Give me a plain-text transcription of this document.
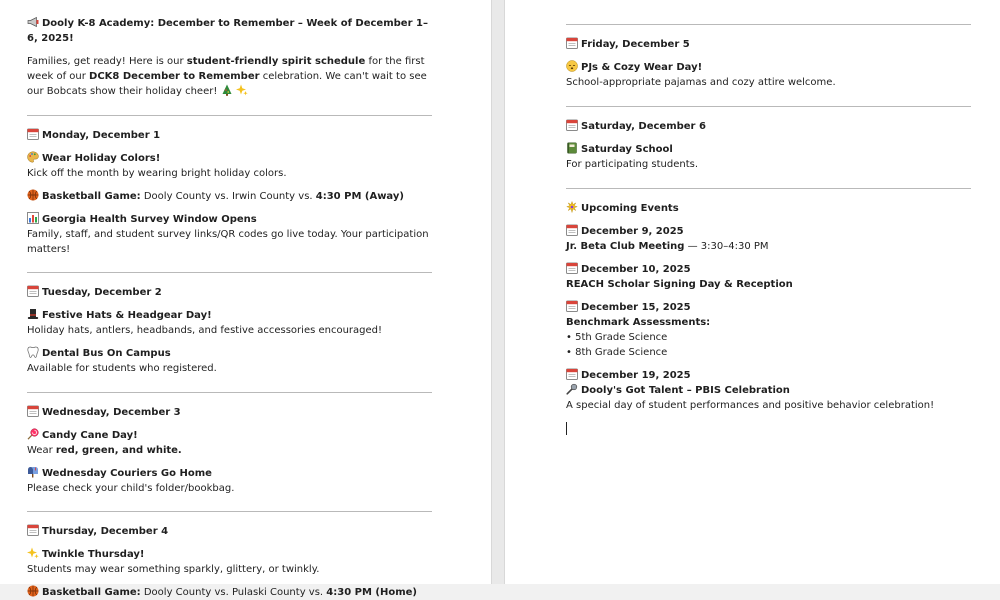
Dooly K-8 Academy: December to Remember – Week of December 1–6, 2025!

Families, get ready! Here is our student-friendly spirit schedule for the first week of our DCK8 December to Remember celebration. We can't wait to see our Bobcats show their holiday cheer!

Monday, December 1
Wear Holiday Colors!

Kick off the month by wearing bright holiday colors.

Basketball Game: Dooly County vs. Irwin County vs. 4:30 PM (Away)
Georgia Health Survey Window Opens

Family, staff, and student survey links/QR codes go live today. Your participation matters!

Tuesday, December 2
Festive Hats & Headgear Day!

Holiday hats, antlers, headbands, and festive accessories encouraged!

Dental Bus On Campus

Available for students who registered.

Wednesday, December 3
Candy Cane Day!

Wear red, green, and white.

Wednesday Couriers Go Home

Please check your child's folder/bookbag.

Thursday, December 4
Twinkle Thursday!

Students may wear something sparkly, glittery, or twinkly.

Basketball Game: Dooly County vs. Pulaski County vs. 4:30 PM (Home)
Friday, December 5
PJs & Cozy Wear Day!

School-appropriate pajamas and cozy attire welcome.

Saturday, December 6
Saturday School

For participating students.

Upcoming Events
December 9, 2025

Jr. Beta Club Meeting — 3:30–4:30 PM

December 10, 2025

REACH Scholar Signing Day & Reception

December 15, 2025

Benchmark Assessments:

• 5th Grade Science

• 8th Grade Science

December 19, 2025
Dooly's Got Talent – PBIS Celebration

A special day of student performances and positive behavior celebration!
